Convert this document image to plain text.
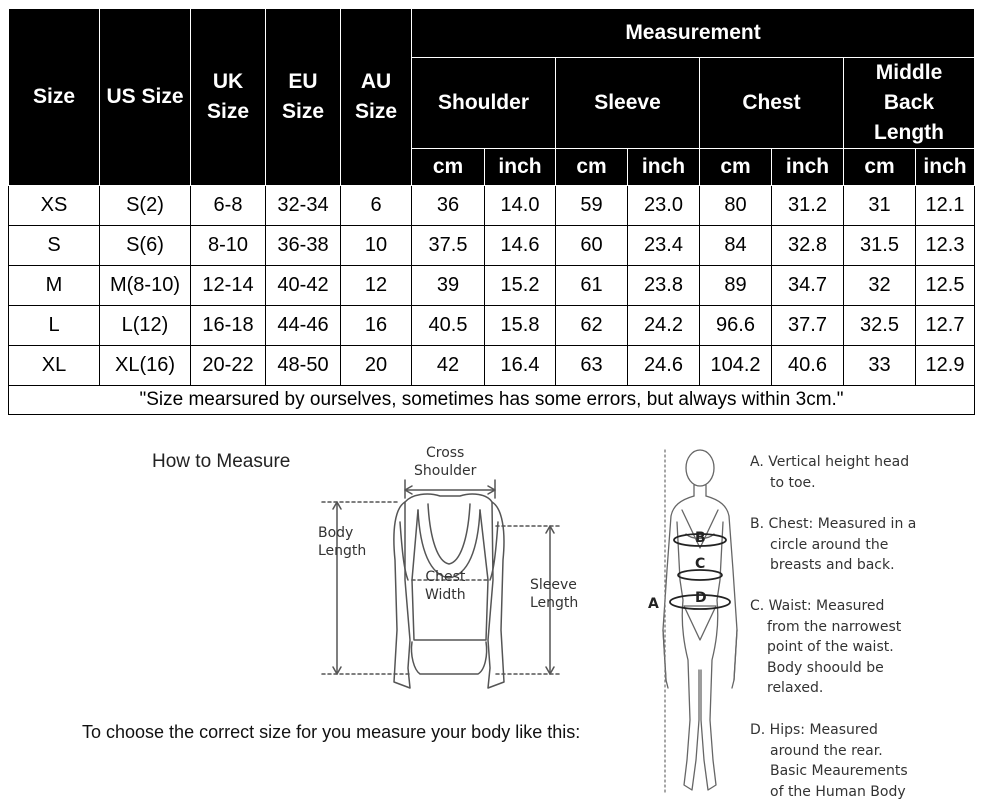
Size	US Size	UK Size	EU Size	AU Size	Measurement							
					Shoulder		Sleeve		Chest		Middle Back Length	

					cm	inch	cm	inch	cm	inch	cm	inch
XS	S(2)	6-8	32-34	6	36	14.0	59	23.0	80	31.2	31	12.1
S	S(6)	8-10	36-38	10	37.5	14.6	60	23.4	84	32.8	31.5	12.3
M	M(8-10)	12-14	40-42	12	39	15.2	61	23.8	89	34.7	32	12.5
L	L(12)	16-18	44-46	16	40.5	15.8	62	24.2	96.6	37.7	32.5	12.7
XL	XL(16)	20-22	48-50	20	42	16.4	63	24.6	104.2	40.6	33	12.9
"Size mearsured by ourselves, sometimes has some errors, but always within 3cm."												
How to Measure	Cross
Shoulder
Body
Length
Chest
Width
Sleeve
Length	A
B
C
D
A. Vertical height head
to toe.
B. Chest: Measured in a
circle around the
breasts and back.
C. Waist: Measured
from the narrowest
point of the waist.
Body shoould be
relaxed.
D. Hips: Measured
around the rear.
Basic Meaurements
of the Human Body
To choose the correct size for you measure your body like this:
